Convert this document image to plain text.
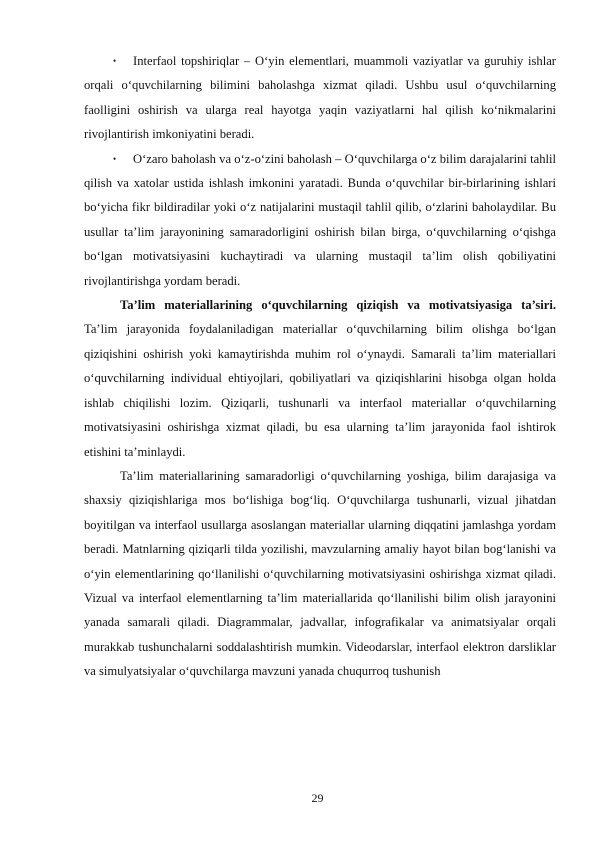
• Interfaol topshiriqlar – O‘yin elementlari, muammoli vaziyatlar va guruhiy ishlar orqali o‘quvchilarning bilimini baholashga xizmat qiladi. Ushbu usul o‘quvchilarning faolligini oshirish va ularga real hayotga yaqin vaziyatlarni hal qilish ko‘nikmalarini rivojlantirish imkoniyatini beradi.

• O‘zaro baholash va o‘z-o‘zini baholash – O‘quvchilarga o‘z bilim darajalarini tahlil qilish va xatolar ustida ishlash imkonini yaratadi. Bunda o‘quvchilar bir-birlarining ishlari bo‘yicha fikr bildiradilar yoki o‘z natijalarini mustaqil tahlil qilib, o‘zlarini baholaydilar. Bu usullar ta’lim jarayonining samaradorligini oshirish bilan birga, o‘quvchilarning o‘qishga bo‘lgan motivatsiyasini kuchaytiradi va ularning mustaqil ta’lim olish qobiliyatini rivojlantirishga yordam beradi.

Ta’lim materiallarining o‘quvchilarning qiziqish va motivatsiyasiga ta’siri. Ta’lim jarayonida foydalaniladigan materiallar o‘quvchilarning bilim olishga bo‘lgan qiziqishini oshirish yoki kamaytirishda muhim rol o‘ynaydi. Samarali ta’lim materiallari o‘quvchilarning individual ehtiyojlari, qobiliyatlari va qiziqishlarini hisobga olgan holda ishlab chiqilishi lozim. Qiziqarli, tushunarli va interfaol materiallar o‘quvchilarning motivatsiyasini oshirishga xizmat qiladi, bu esa ularning ta’lim jarayonida faol ishtirok etishini ta’minlaydi.

Ta’lim materiallarining samaradorligi o‘quvchilarning yoshiga, bilim darajasiga va shaxsiy qiziqishlariga mos bo‘lishiga bog‘liq. O‘quvchilarga tushunarli, vizual jihatdan boyitilgan va interfaol usullarga asoslangan materiallar ularning diqqatini jamlashga yordam beradi. Matnlarning qiziqarli tilda yozilishi, mavzularning amaliy hayot bilan bog‘lanishi va o‘yin elementlarining qo‘llanilishi o‘quvchilarning motivatsiyasini oshirishga xizmat qiladi. Vizual va interfaol elementlarning ta’lim materiallarida qo‘llanilishi bilim olish jarayonini yanada samarali qiladi. Diagrammalar, jadvallar, infografikalar va animatsiyalar orqali murakkab tushunchalarni soddalashtirish mumkin. Videodarslar, interfaol elektron darsliklar va simulyatsiyalar o‘quvchilarga mavzuni yanada chuqurroq tushunish

29
